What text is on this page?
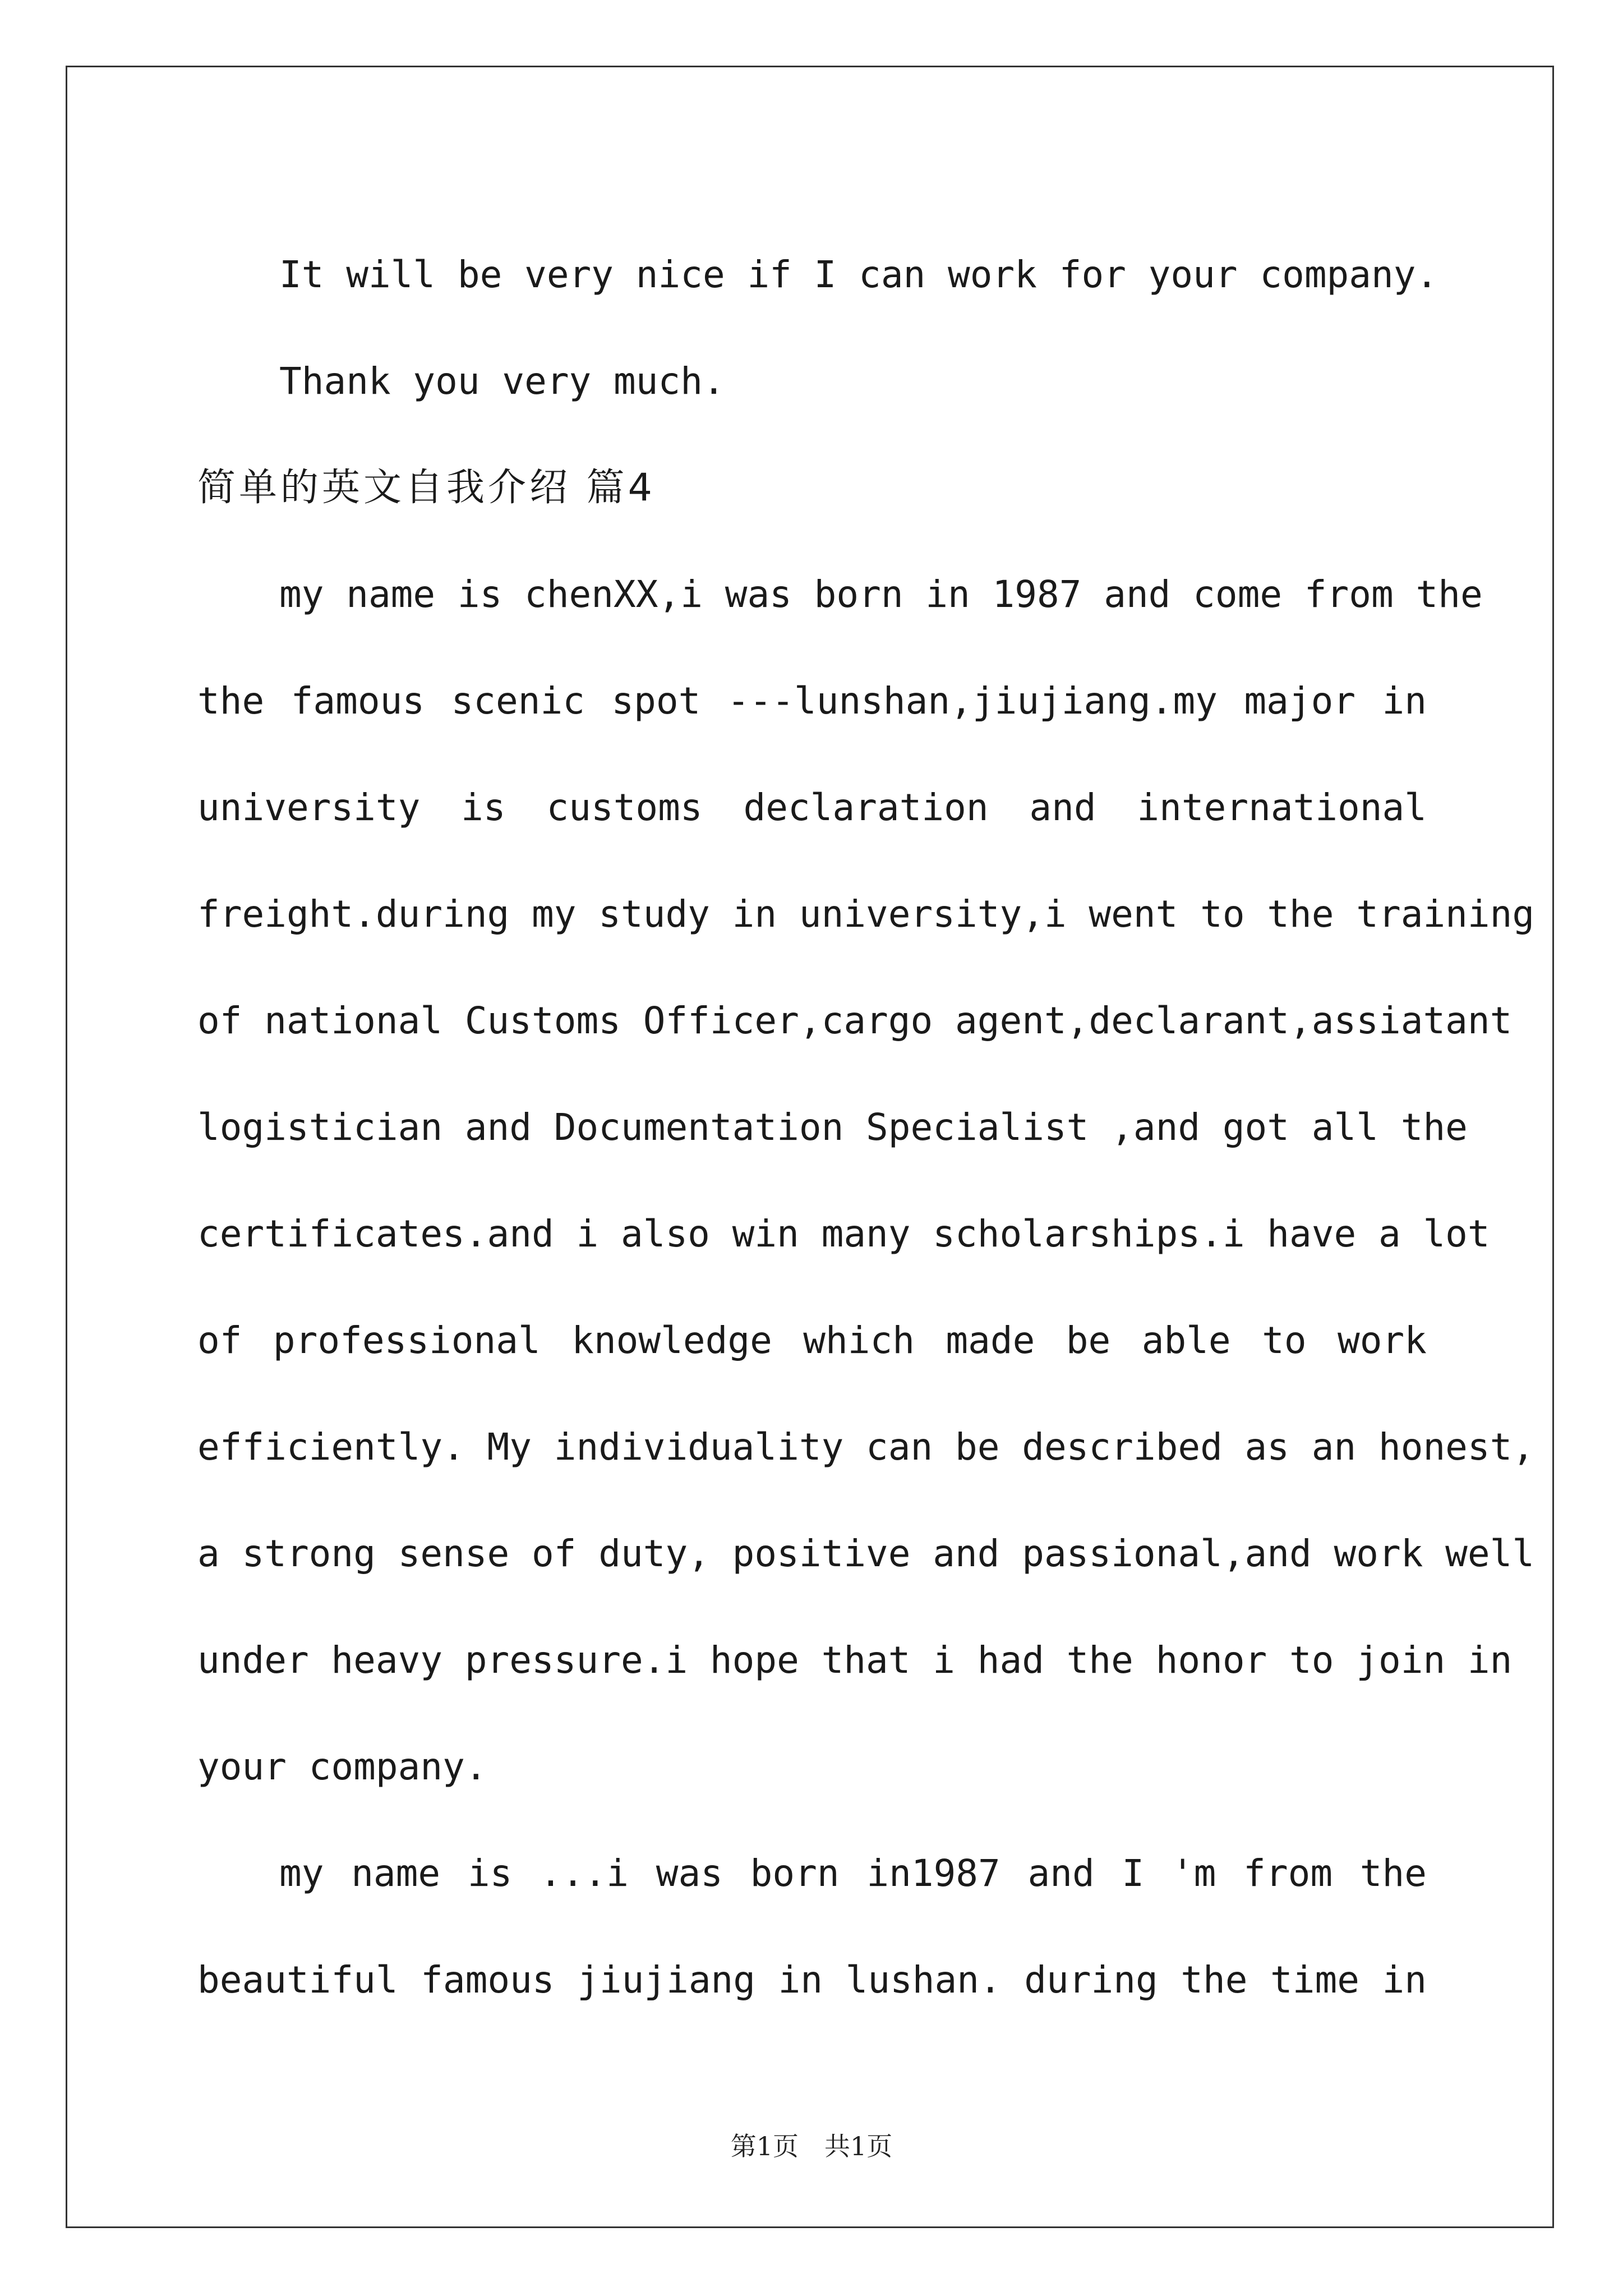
It will be very nice if I can work for your company.
Thank you very much.
简单的英文自我介绍 篇4
my name is chenXX,i was born in 1987 and come from the
the famous scenic spot ---lunshan,jiujiang.my major in
university is customs declaration and international
freight.during my study in university,i went to the training
of national Customs Officer,cargo agent,declarant,assiatant
logistician and Documentation Specialist ,and got all the
certificates.and i also win many scholarships.i have a lot
of professional knowledge which made be able to work
efficiently. My individuality can be described as an honest,
a strong sense of duty, positive and passional,and work well
under heavy pressure.i hope that i had the honor to join in
your company.
my name is ...i was born in1987 and I 'm from the
beautiful famous jiujiang in lushan. during the time in
第1页 共1页
